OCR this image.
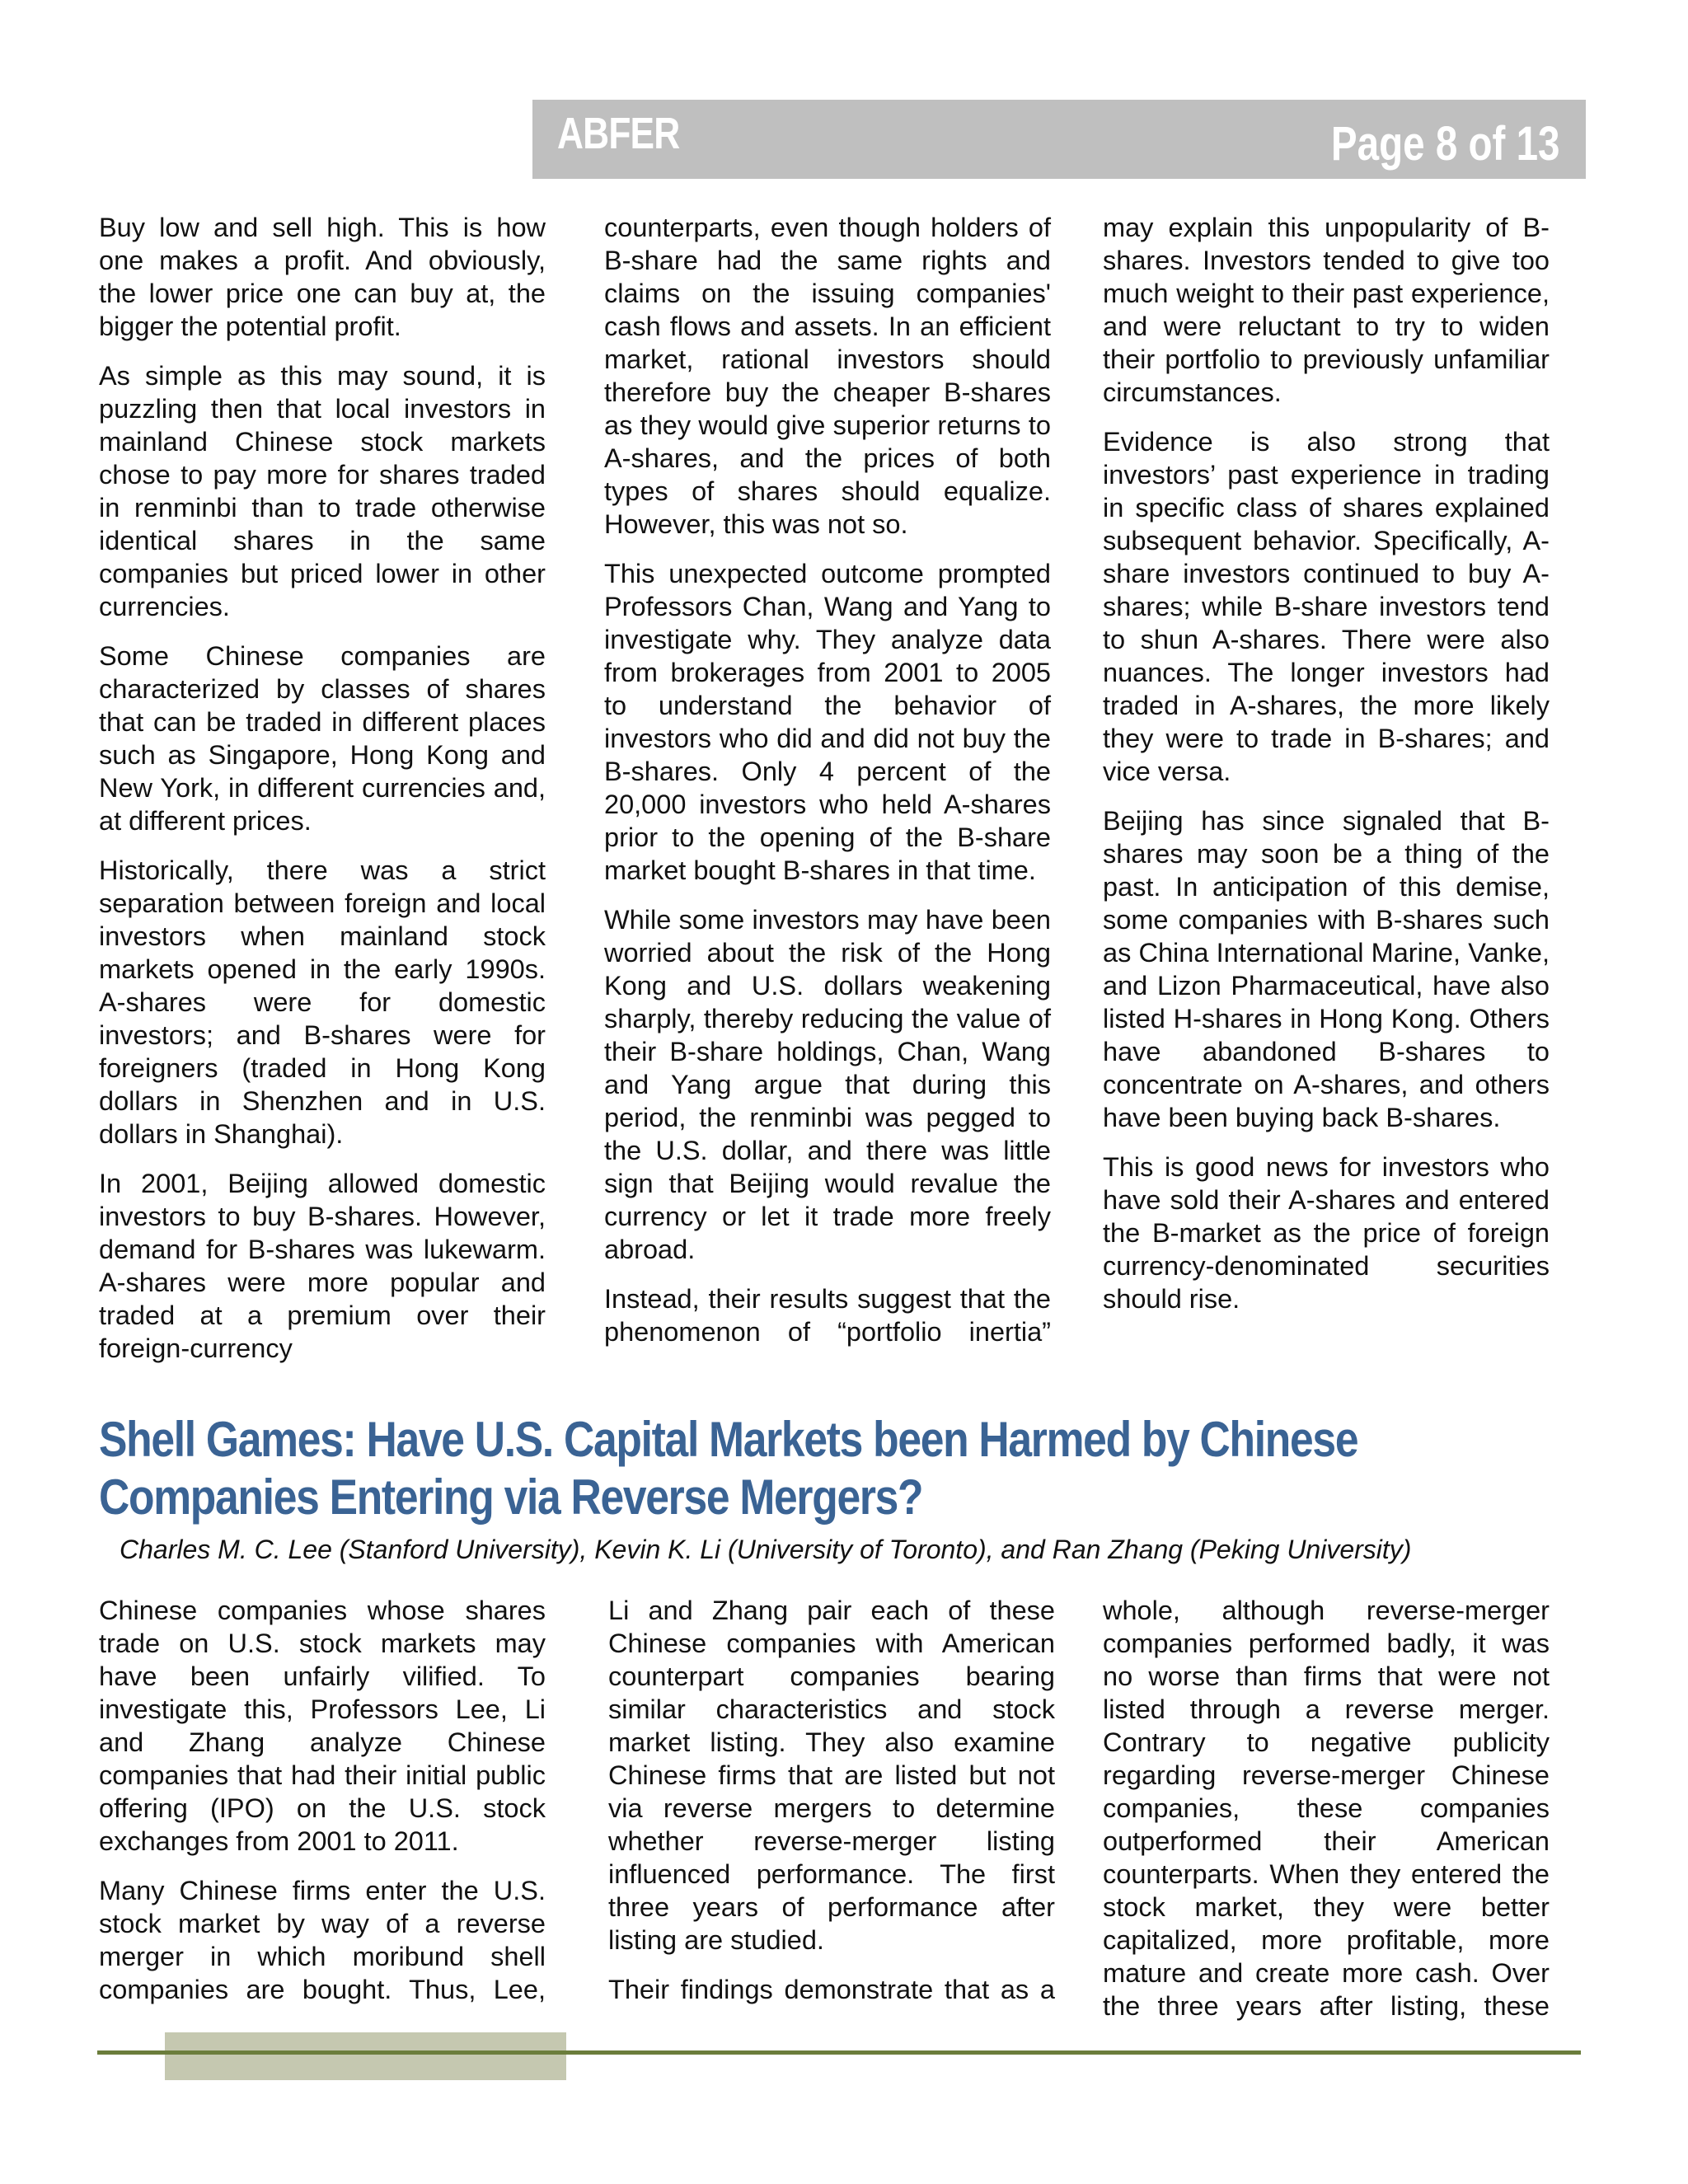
ABFER	Page 8 of 13

Buy low and sell high. This is how one makes a profit. And obviously, the lower price one can buy at, the bigger the potential profit.

As simple as this may sound, it is puzzling then that local investors in mainland Chinese stock markets chose to pay more for shares traded in renminbi than to trade otherwise identical shares in the same companies but priced lower in other currencies.

Some Chinese companies are characterized by classes of shares that can be traded in different places such as Singapore, Hong Kong and New York, in different currencies and, at different prices.

Historically, there was a strict separation between foreign and local investors when mainland stock markets opened in the early 1990s. A-shares were for domestic investors; and B-shares were for foreigners (traded in Hong Kong dollars in Shenzhen and in U.S. dollars in Shanghai).

In 2001, Beijing allowed domestic investors to buy B-shares. However, demand for B-shares was lukewarm. A-shares were more popular and traded at a premium over their foreign-currency

counterparts, even though holders of B-share had the same rights and claims on the issuing companies' cash flows and assets. In an efficient market, rational investors should therefore buy the cheaper B-shares as they would give superior returns to A-shares, and the prices of both types of shares should equalize. However, this was not so.

This unexpected outcome prompted Professors Chan, Wang and Yang to investigate why. They analyze data from brokerages from 2001 to 2005 to understand the behavior of investors who did and did not buy the B-shares. Only 4 percent of the 20,000 investors who held A-shares prior to the opening of the B-share market bought B-shares in that time.

While some investors may have been worried about the risk of the Hong Kong and U.S. dollars weakening sharply, thereby reducing the value of their B-share holdings, Chan, Wang and Yang argue that during this period, the renminbi was pegged to the U.S. dollar, and there was little sign that Beijing would revalue the currency or let it trade more freely abroad.

Instead, their results suggest that the phenomenon of “portfolio inertia”

may explain this unpopularity of B-shares. Investors tended to give too much weight to their past experience, and were reluctant to try to widen their portfolio to previously unfamiliar circumstances.

Evidence is also strong that investors’ past experience in trading in specific class of shares explained subsequent behavior. Specifically, A-share investors continued to buy A-shares; while B-share investors tend to shun A-shares. There were also nuances. The longer investors had traded in A-shares, the more likely they were to trade in B-shares; and vice versa.

Beijing has since signaled that B-shares may soon be a thing of the past. In anticipation of this demise, some companies with B-shares such as China International Marine, Vanke, and Lizon Pharmaceutical, have also listed H-shares in Hong Kong. Others have abandoned B-shares to concentrate on A-shares, and others have been buying back B-shares.

This is good news for investors who have sold their A-shares and entered the B-market as the price of foreign currency-denominated securities should rise.

Shell Games: Have U.S. Capital Markets been Harmed by Chinese
Companies Entering via Reverse Mergers?
Charles M. C. Lee (Stanford University), Kevin K. Li (University of Toronto), and Ran Zhang (Peking University)

Chinese companies whose shares trade on U.S. stock markets may have been unfairly vilified. To investigate this, Professors Lee, Li and Zhang analyze Chinese companies that had their initial public offering (IPO) on the U.S. stock exchanges from 2001 to 2011.

Many Chinese firms enter the U.S. stock market by way of a reverse merger in which moribund shell companies are bought. Thus, Lee,

Li and Zhang pair each of these Chinese companies with American counterpart companies bearing similar characteristics and stock market listing. They also examine Chinese firms that are listed but not via reverse mergers to determine whether reverse-merger listing influenced performance. The first three years of performance after listing are studied.

Their findings demonstrate that as a

whole, although reverse-merger companies performed badly, it was no worse than firms that were not listed through a reverse merger. Contrary to negative publicity regarding reverse-merger Chinese companies, these companies outperformed their American counterparts. When they entered the stock market, they were better capitalized, more profitable, more mature and create more cash. Over the three years after listing, these
